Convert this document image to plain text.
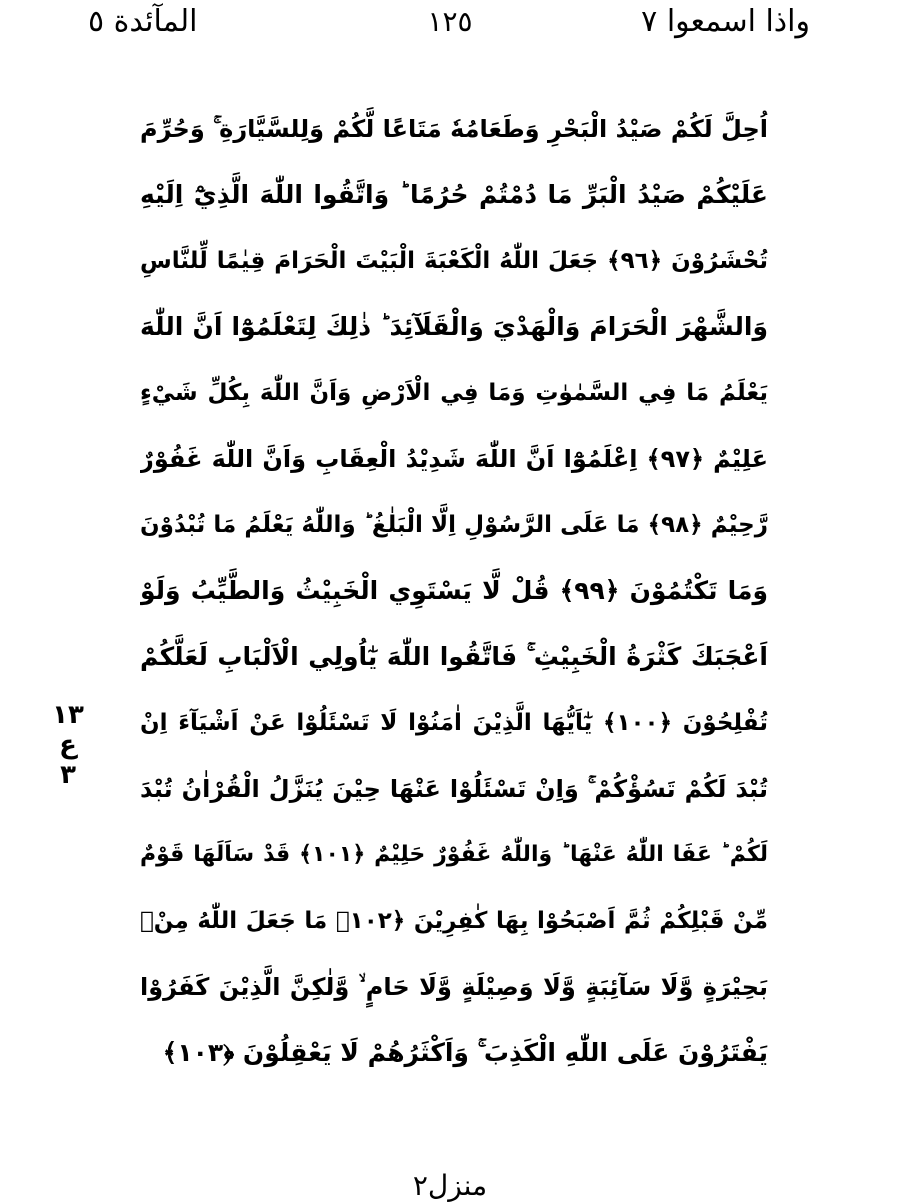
واذا اسمعوا ۷
١٢٥
المآئدة ٥
اُحِلَّ لَكُمْ صَيْدُ الْبَحْرِ وَطَعَامُهٗ مَتَاعًا لَّكُمْ وَلِلسَّيَّارَةِ ۚ وَحُرِّمَ
عَلَيْكُمْ صَيْدُ الْبَرِّ مَا دُمْتُمْ حُرُمًا ؕ وَاتَّقُوا اللّٰهَ الَّذِيْٓ اِلَيْهِ
تُحْشَرُوْنَ ﴿٩٦﴾ جَعَلَ اللّٰهُ الْكَعْبَةَ الْبَيْتَ الْحَرَامَ قِيٰمًا لِّلنَّاسِ
وَالشَّهْرَ الْحَرَامَ وَالْهَدْيَ وَالْقَلَآئِدَ ؕ ذٰلِكَ لِتَعْلَمُوْٓا اَنَّ اللّٰهَ
يَعْلَمُ مَا فِي السَّمٰوٰتِ وَمَا فِي الْاَرْضِ وَاَنَّ اللّٰهَ بِكُلِّ شَيْءٍ
عَلِيْمٌ ﴿٩٧﴾ اِعْلَمُوْٓا اَنَّ اللّٰهَ شَدِيْدُ الْعِقَابِ وَاَنَّ اللّٰهَ غَفُوْرٌ
رَّحِيْمٌ ﴿٩٨﴾ مَا عَلَى الرَّسُوْلِ اِلَّا الْبَلٰغُ ؕ وَاللّٰهُ يَعْلَمُ مَا تُبْدُوْنَ
وَمَا تَكْتُمُوْنَ ﴿٩٩﴾ قُلْ لَّا يَسْتَوِي الْخَبِيْثُ وَالطَّيِّبُ وَلَوْ
اَعْجَبَكَ كَثْرَةُ الْخَبِيْثِ ۚ فَاتَّقُوا اللّٰهَ يٰٓاُولِي الْاَلْبَابِ لَعَلَّكُمْ
تُفْلِحُوْنَ ﴿١٠٠﴾ يٰٓاَيُّهَا الَّذِيْنَ اٰمَنُوْا لَا تَسْئَلُوْا عَنْ اَشْيَآءَ اِنْ
تُبْدَ لَكُمْ تَسُؤْكُمْ ۚ وَاِنْ تَسْئَلُوْا عَنْهَا حِيْنَ يُنَزَّلُ الْقُرْاٰنُ تُبْدَ
لَكُمْ ؕ عَفَا اللّٰهُ عَنْهَا ؕ وَاللّٰهُ غَفُوْرٌ حَلِيْمٌ ﴿١٠١﴾ قَدْ سَاَلَهَا قَوْمٌ
مِّنْ قَبْلِكُمْ ثُمَّ اَصْبَحُوْا بِهَا كٰفِرِيْنَ ﴿١٠٢﴾ مَا جَعَلَ اللّٰهُ مِنْۢ
بَحِيْرَةٍ وَّلَا سَآئِبَةٍ وَّلَا وَصِيْلَةٍ وَّلَا حَامٍ ۙ وَّلٰكِنَّ الَّذِيْنَ كَفَرُوْا
يَفْتَرُوْنَ عَلَى اللّٰهِ الْكَذِبَ ۚ وَاَكْثَرُهُمْ لَا يَعْقِلُوْنَ ﴿١٠٣﴾
۱۳
ع
۳
منزل۲
